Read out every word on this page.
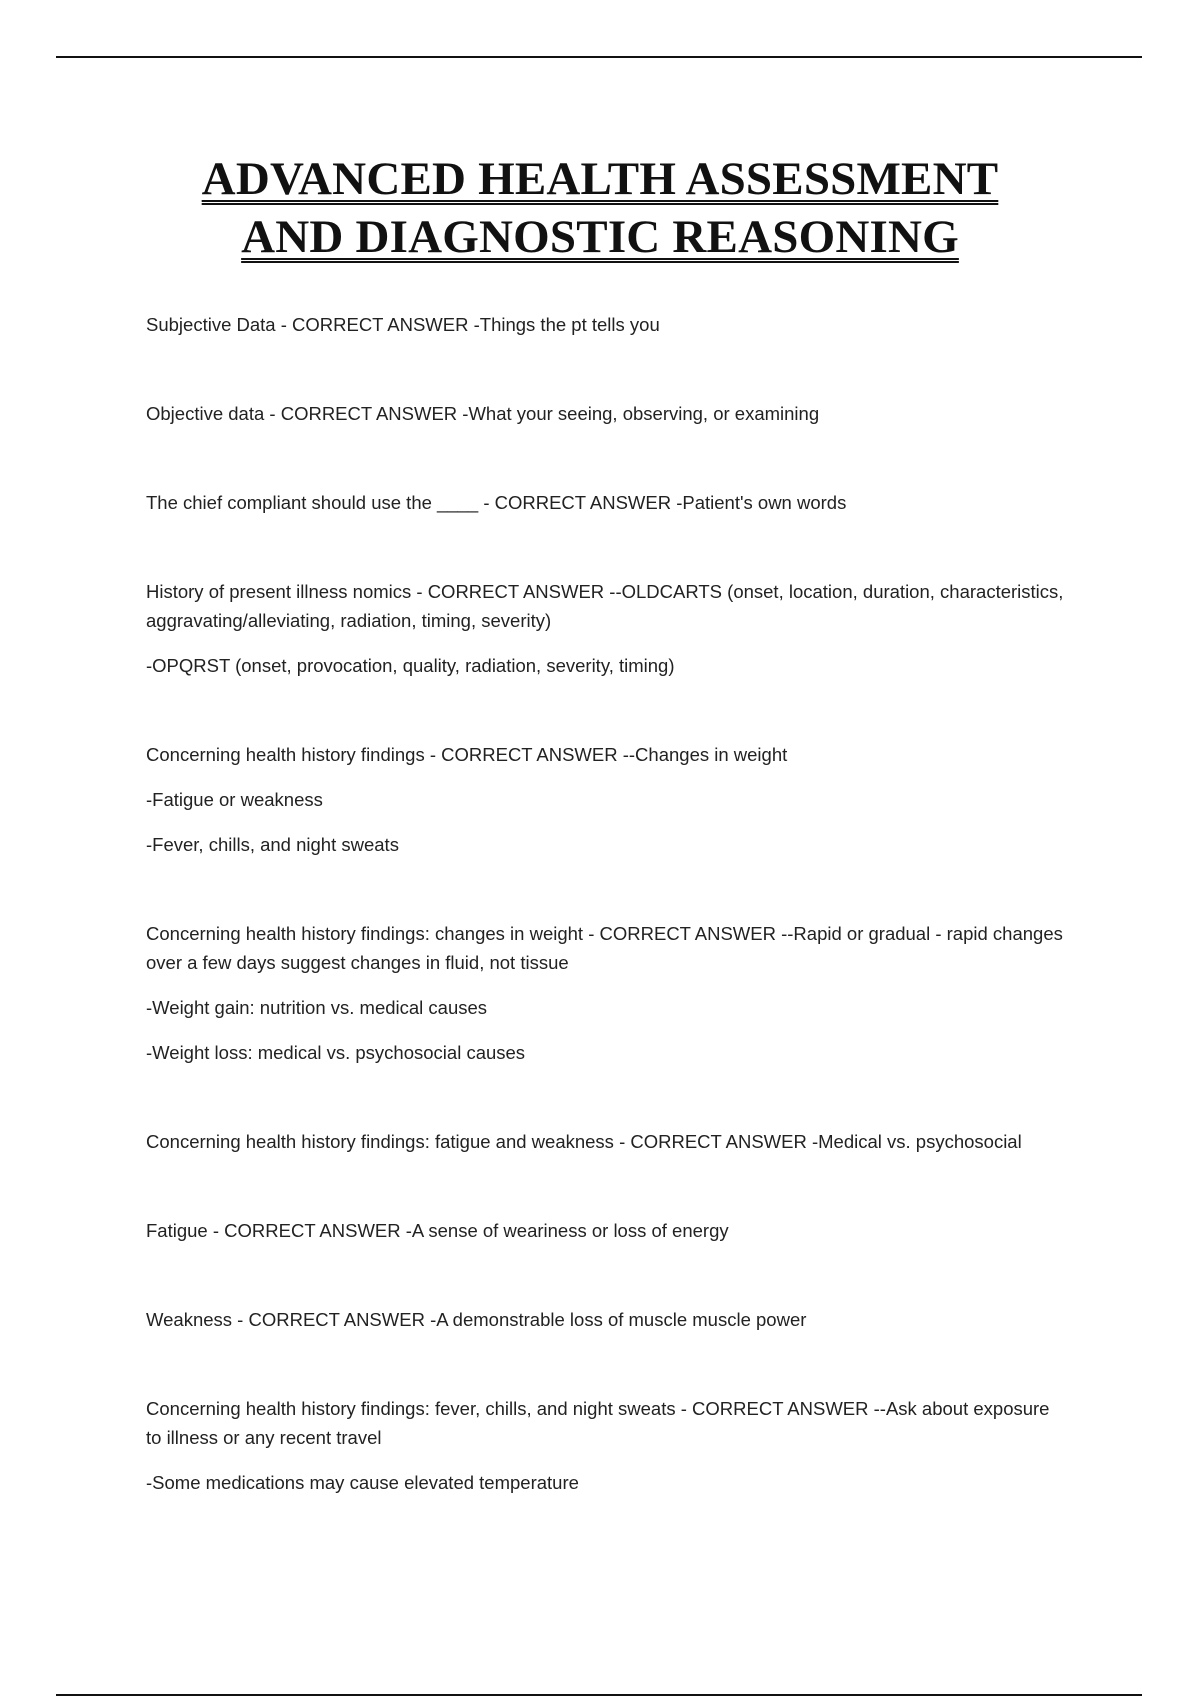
ADVANCED HEALTH ASSESSMENT
AND DIAGNOSTIC REASONING

Subjective Data - CORRECT ANSWER -Things the pt tells you

Objective data - CORRECT ANSWER -What your seeing, observing, or examining

The chief compliant should use the ____ - CORRECT ANSWER -Patient's own words

History of present illness nomics - CORRECT ANSWER --OLDCARTS (onset, location, duration, characteristics, aggravating/alleviating, radiation, timing, severity)

-OPQRST (onset, provocation, quality, radiation, severity, timing)

Concerning health history findings - CORRECT ANSWER --Changes in weight

-Fatigue or weakness

-Fever, chills, and night sweats

Concerning health history findings: changes in weight - CORRECT ANSWER --Rapid or gradual - rapid changes over a few days suggest changes in fluid, not tissue

-Weight gain: nutrition vs. medical causes

-Weight loss: medical vs. psychosocial causes

Concerning health history findings: fatigue and weakness - CORRECT ANSWER -Medical vs. psychosocial

Fatigue - CORRECT ANSWER -A sense of weariness or loss of energy

Weakness - CORRECT ANSWER -A demonstrable loss of muscle muscle power

Concerning health history findings: fever, chills, and night sweats - CORRECT ANSWER --Ask about exposure to illness or any recent travel

-Some medications may cause elevated temperature
